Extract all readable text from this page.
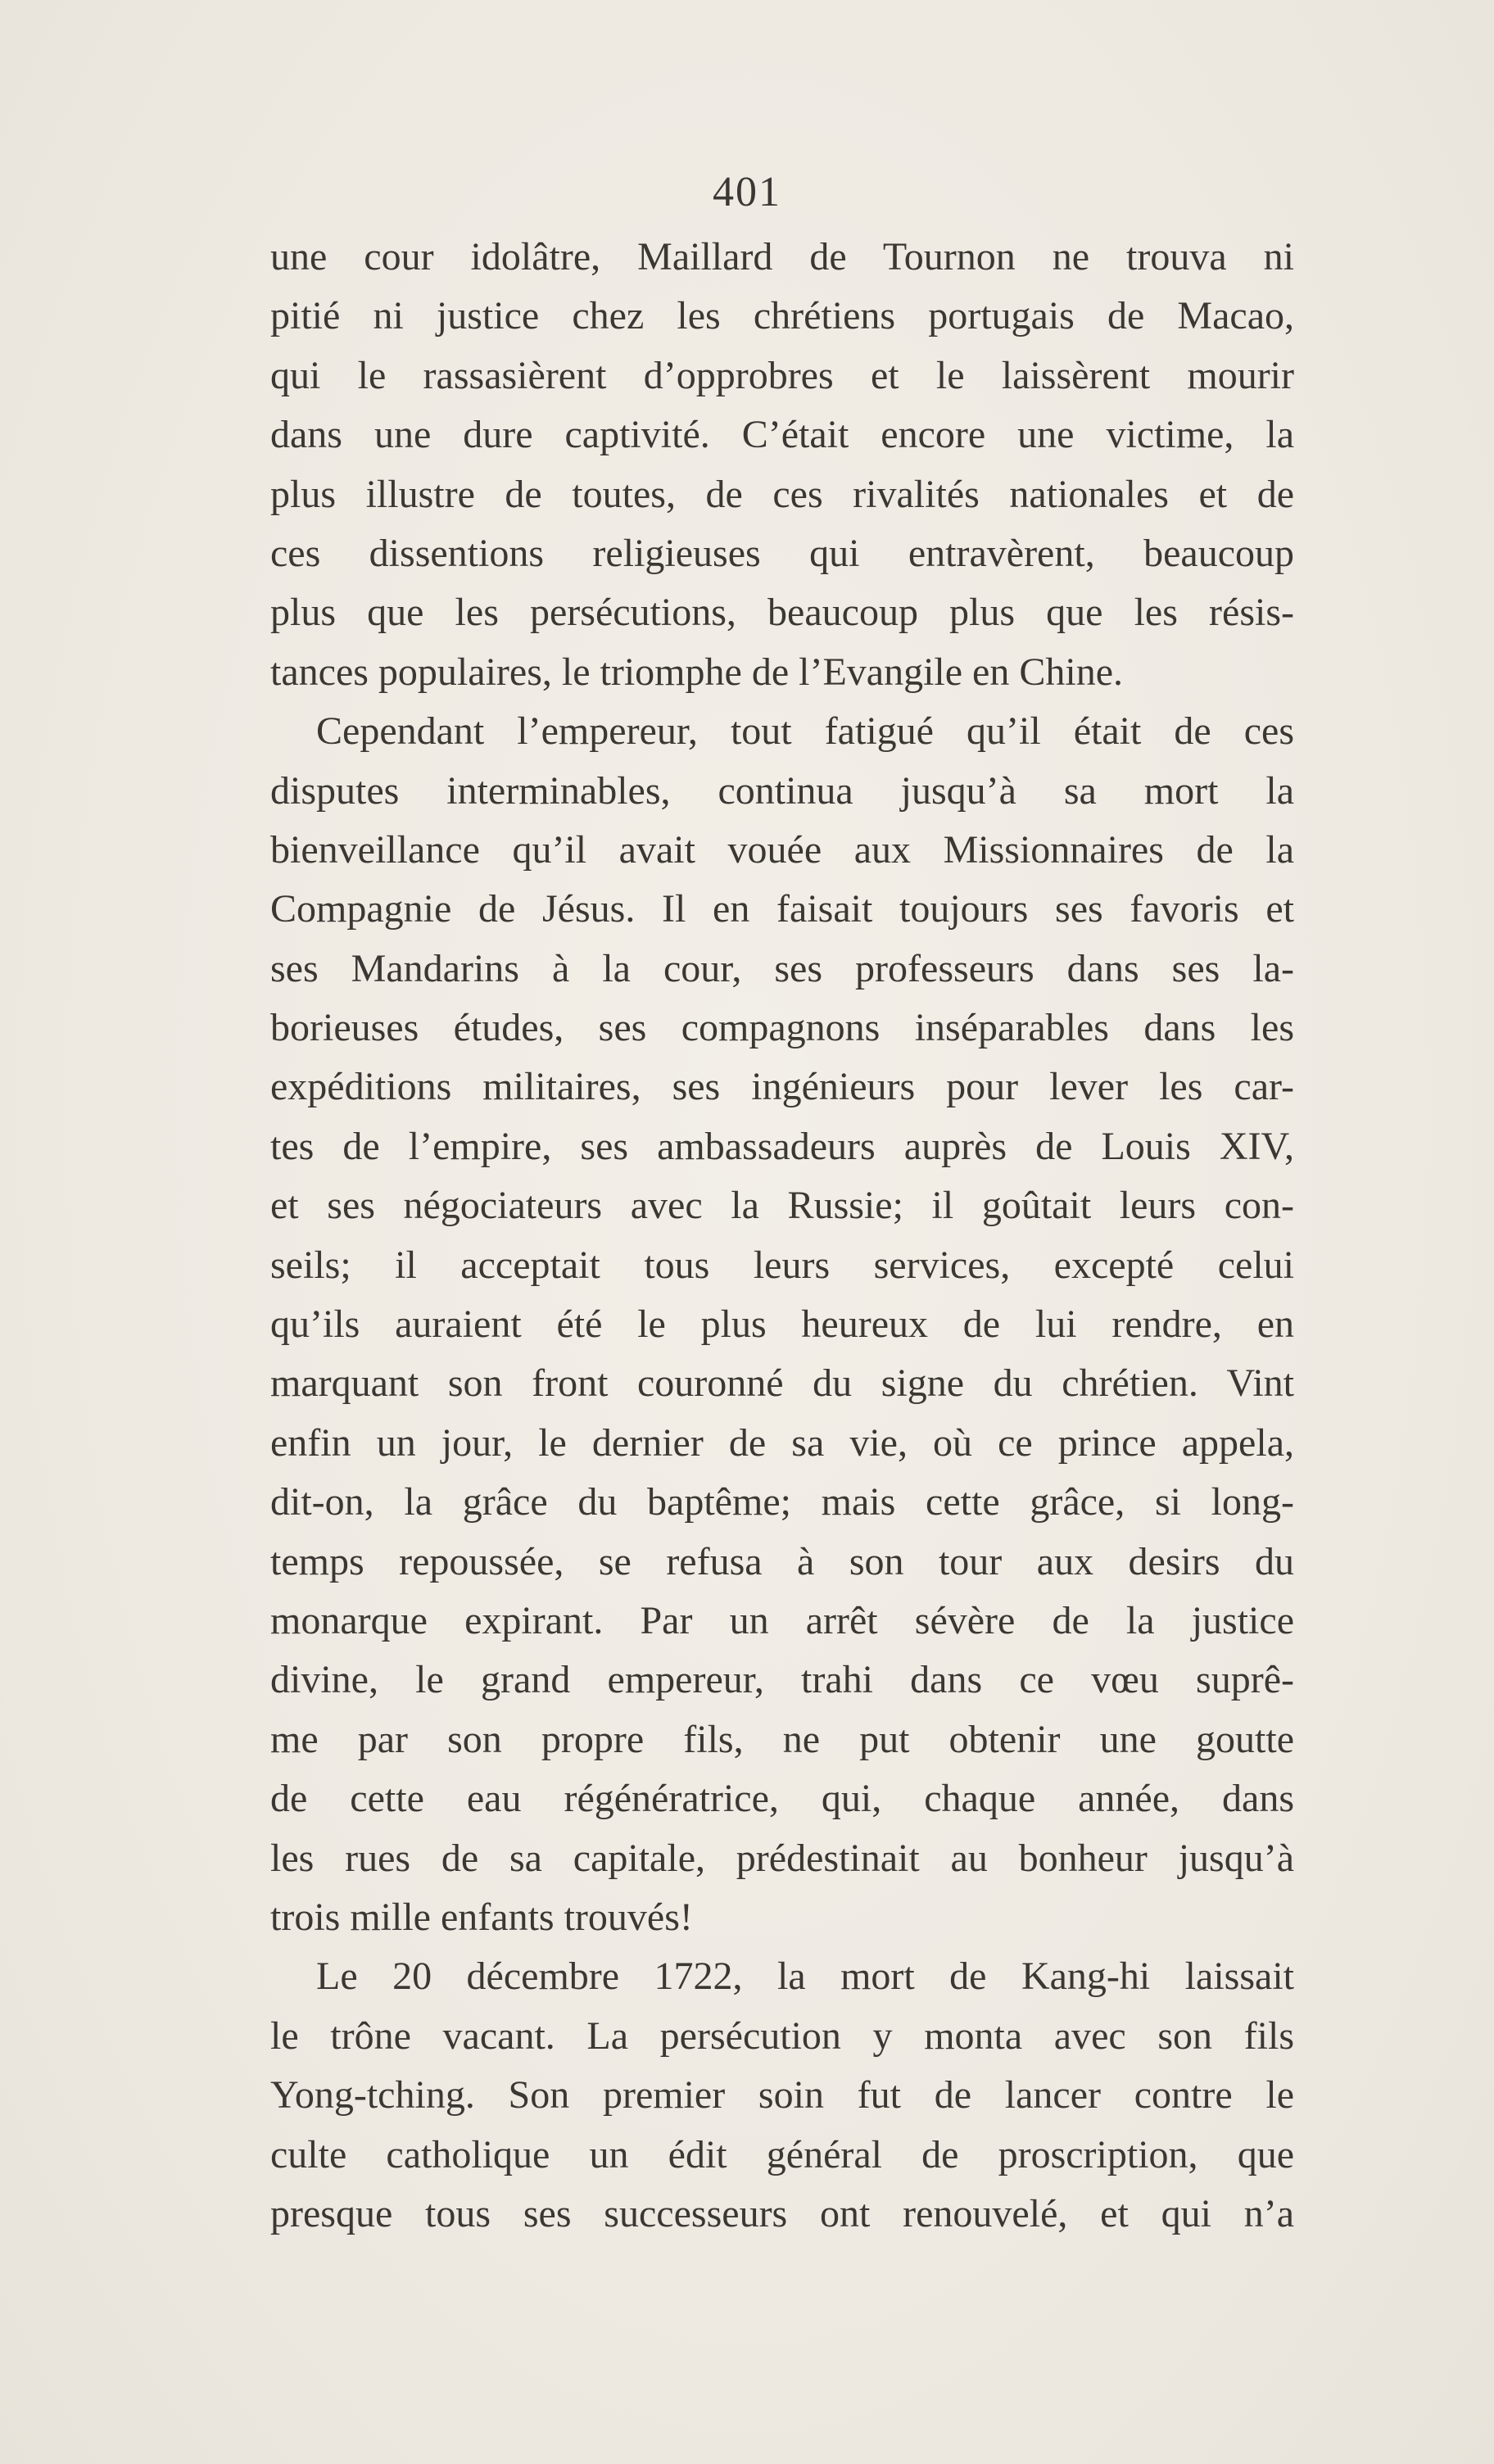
401
une cour idolâtre, Maillard de Tournon ne trouva ni
pitié ni justice chez les chrétiens portugais de Macao,
qui le rassasièrent d’opprobres et le laissèrent mourir
dans une dure captivité. C’était encore une victime, la
plus illustre de toutes, de ces rivalités nationales et de
ces dissentions religieuses qui entravèrent, beaucoup
plus que les persécutions, beaucoup plus que les résis-
tances populaires, le triomphe de l’Evangile en Chine.
Cependant l’empereur, tout fatigué qu’il était de ces
disputes interminables, continua jusqu’à sa mort la
bienveillance qu’il avait vouée aux Missionnaires de la
Compagnie de Jésus. Il en faisait toujours ses favoris et
ses Mandarins à la cour, ses professeurs dans ses la-
borieuses études, ses compagnons inséparables dans les
expéditions militaires, ses ingénieurs pour lever les car-
tes de l’empire, ses ambassadeurs auprès de Louis XIV,
et ses négociateurs avec la Russie; il goûtait leurs con-
seils; il acceptait tous leurs services, excepté celui
qu’ils auraient été le plus heureux de lui rendre, en
marquant son front couronné du signe du chrétien. Vint
enfin un jour, le dernier de sa vie, où ce prince appela,
dit-on, la grâce du baptême; mais cette grâce, si long-
temps repoussée, se refusa à son tour aux desirs du
monarque expirant. Par un arrêt sévère de la justice
divine, le grand empereur, trahi dans ce vœu suprê-
me par son propre fils, ne put obtenir une goutte
de cette eau régénératrice, qui, chaque année, dans
les rues de sa capitale, prédestinait au bonheur jusqu’à
trois mille enfants trouvés!
Le 20 décembre 1722, la mort de Kang-hi laissait
le trône vacant. La persécution y monta avec son fils
Yong-tching. Son premier soin fut de lancer contre le
culte catholique un édit général de proscription, que
presque tous ses successeurs ont renouvelé, et qui n’a
